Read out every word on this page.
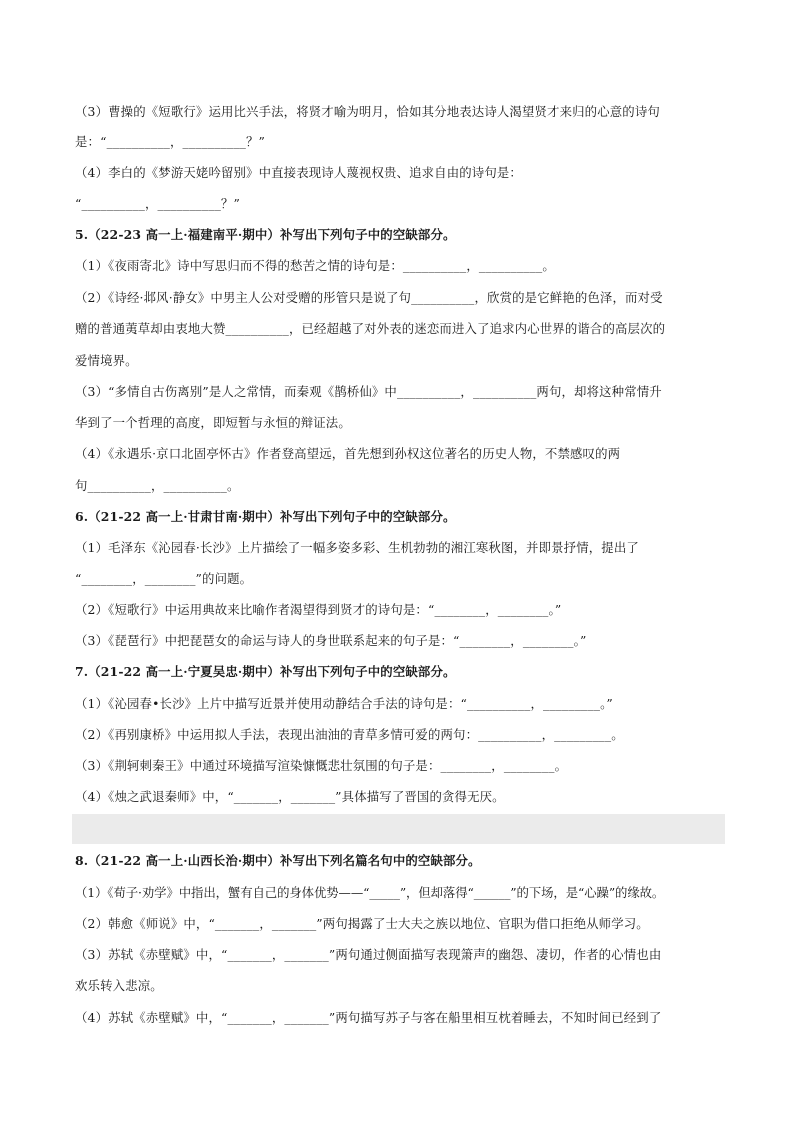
（3）曹操的《短歌行》运用比兴手法，将贤才喻为明月，恰如其分地表达诗人渴望贤才来归的心意的诗句
是：“__________，__________？”
（4）李白的《梦游天姥吟留别》中直接表现诗人蔑视权贵、追求自由的诗句是：
“__________，__________？”
5.（22-23 高一上·福建南平·期中）补写出下列句子中的空缺部分。
（1）《夜雨寄北》诗中写思归而不得的愁苦之情的诗句是：__________，__________。
（2）《诗经·邶风·静女》中男主人公对受赠的彤管只是说了句__________，欣赏的是它鲜艳的色泽，而对受
赠的普通荑草却由衷地大赞__________，已经超越了对外表的迷恋而进入了追求内心世界的谐合的高层次的
爱情境界。
（3）“多情自古伤离别”是人之常情，而秦观《鹊桥仙》中__________，__________两句，却将这种常情升
华到了一个哲理的高度，即短暂与永恒的辩证法。
（4）《永遇乐·京口北固亭怀古》作者登高望远，首先想到孙权这位著名的历史人物，不禁感叹的两
句__________，__________。
6.（21-22 高一上·甘肃甘南·期中）补写出下列句子中的空缺部分。
（1）毛泽东《沁园春·长沙》上片描绘了一幅多姿多彩、生机勃勃的湘江寒秋图，并即景抒情，提出了
“________，________”的问题。
（2）《短歌行》中运用典故来比喻作者渴望得到贤才的诗句是：“________，________。”
（3）《琵琶行》中把琵琶女的命运与诗人的身世联系起来的句子是：“________，________。”
7.（21-22 高一上·宁夏吴忠·期中）补写出下列句子中的空缺部分。
（1）《沁园春•长沙》上片中描写近景并使用动静结合手法的诗句是：“__________，_________。”
（2）《再别康桥》中运用拟人手法，表现出油油的青草多情可爱的两句：__________，_________。
（3）《荆轲刺秦王》中通过环境描写渲染慷慨悲壮氛围的句子是：________，________。
（4）《烛之武退秦师》中，“_______，_______”具体描写了晋国的贪得无厌。
8.（21-22 高一上·山西长治·期中）补写出下列名篇名句中的空缺部分。
（1）《荀子·劝学》中指出，蟹有自己的身体优势——“_____”，但却落得“______”的下场，是“心躁”的缘故。
（2）韩愈《师说》中，“_______，_______”两句揭露了士大夫之族以地位、官职为借口拒绝从师学习。
（3）苏轼《赤壁赋》中，“_______，_______”两句通过侧面描写表现箫声的幽怨、凄切，作者的心情也由
欢乐转入悲凉。
（4）苏轼《赤壁赋》中，“_______，_______”两句描写苏子与客在船里相互枕着睡去，不知时间已经到了
